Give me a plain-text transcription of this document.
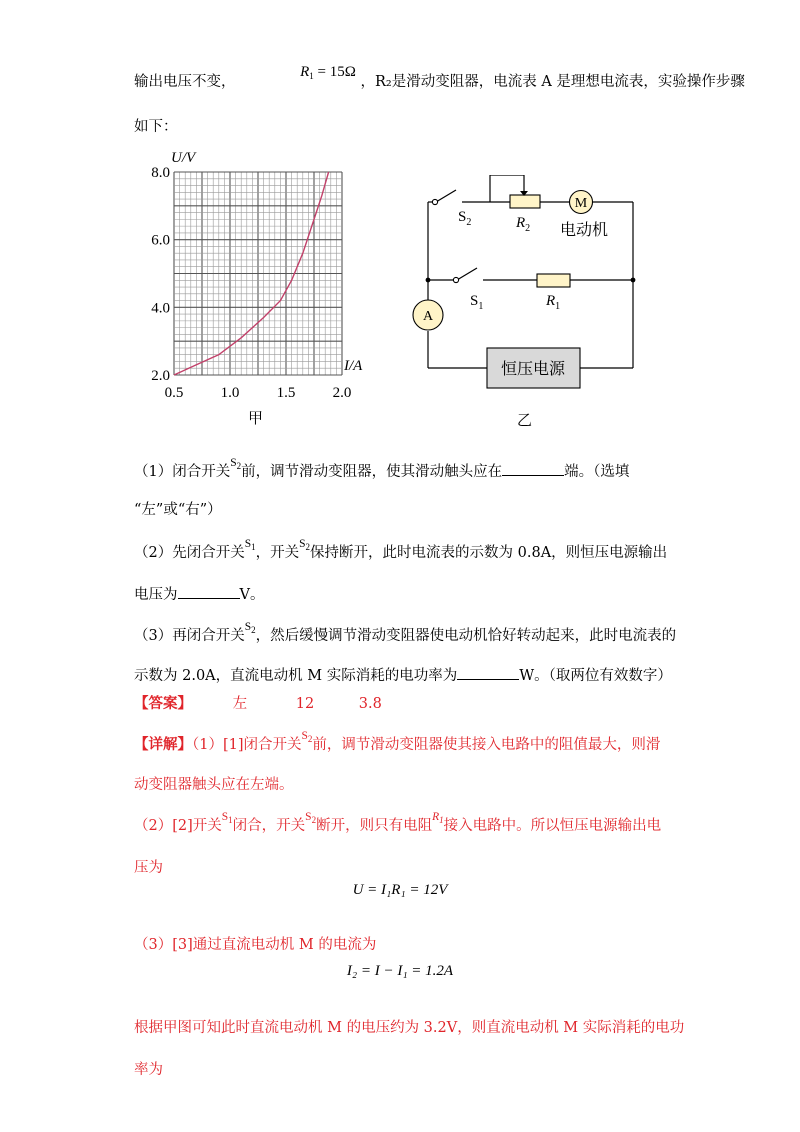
输出电压不变， $R_1 = 15\Omega$ ，R₂是滑动变阻器，电流表 A 是理想电流表，实验操作步骤
如下：
0.5 1.0 1.5 2.0
2.0
4.0
6.0
8.0
U/V
I/A
甲
M
A
$S_2$	$R_2$ 电动机
$S_1$	$R_1$
恒压电源
乙
（1）闭合开关$^{S_2}$前，调节滑动变阻器，使其滑动触头应在	端。（选填
“左”或“右”）
（2）先闭合开关$^{S_1}$，开关$^{S_2}$保持断开，此时电流表的示数为 0.8A，则恒压电源输出
电压为	V。
（3）再闭合开关$^{S_2}$，然后缓慢调节滑动变阻器使电动机恰好转动起来，此时电流表的
示数为 2.0A，直流电动机 M 实际消耗的电功率为	W。（取两位有效数字）
【答案】	左	12	3.8
【详解】（1）[1]闭合开关$^{S_2}$前，调节滑动变阻器使其接入电路中的阻值最大，则滑
动变阻器触头应在左端。
（2）[2]开关$^{S_1}$闭合，开关$^{S_2}$断开，则只有电阻$^{R_1}$接入电路中。所以恒压电源输出电
压为
U = I₁R₁ = 12V
（3）[3]通过直流电动机 M 的电流为
I₂ = I − I₁ = 1.2A
根据甲图可知此时直流电动机 M 的电压约为 3.2V，则直流电动机 M 实际消耗的电功
率为
